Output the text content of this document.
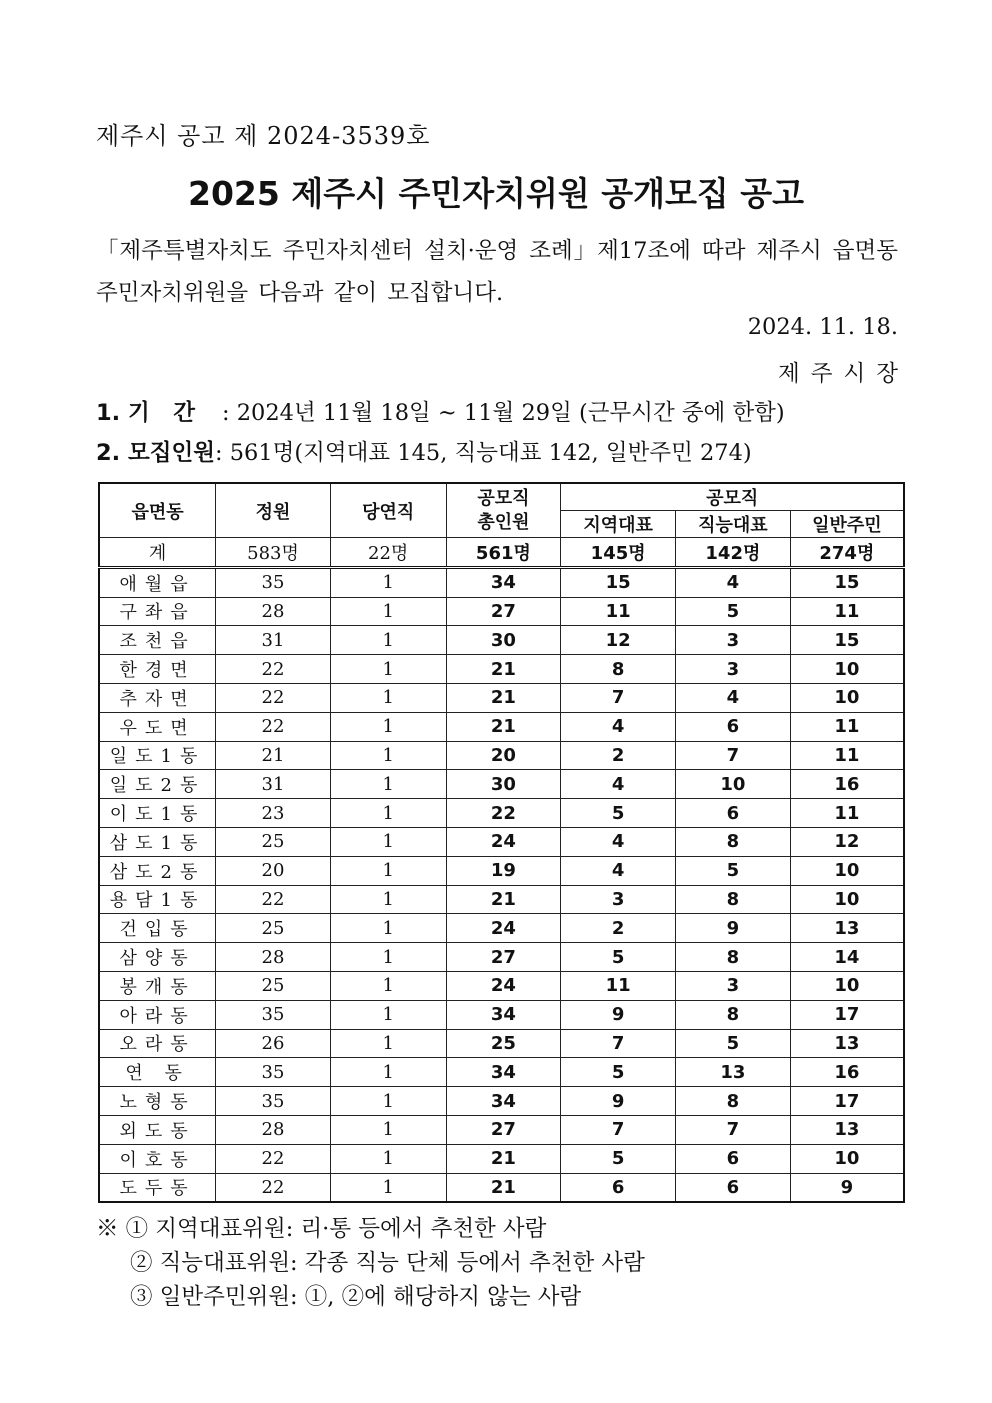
제주시 공고 제 2024-3539호
2025 제주시 주민자치위원 공개모집 공고
「제주특별자치도 주민자치센터 설치·운영 조례」제17조에 따라 제주시 읍면동 주민자치위원을 다음과 같이 모집합니다.
2024. 11. 18.
제주시장
1. 기   간 : 2024년 11월 18일 ~ 11월 29일 (근무시간 중에 한함)
2. 모집인원: 561명(지역대표 145, 직능대표 142, 일반주민 274)
읍면동	정원	당연직	공모직 총인원	공모직		
				지역대표	직능대표	일반주민
계	583명	22명	561명	145명	142명	274명
애월읍	35	1	34	15	4	15
구좌읍	28	1	27	11	5	11
조천읍	31	1	30	12	3	15
한경면	22	1	21	8	3	10
추자면	22	1	21	7	4	10
우도면	22	1	21	4	6	11
일도1동	21	1	20	2	7	11
일도2동	31	1	30	4	10	16
이도1동	23	1	22	5	6	11
삼도1동	25	1	24	4	8	12
삼도2동	20	1	19	4	5	10
용담1동	22	1	21	3	8	10
건입동	25	1	24	2	9	13
삼양동	28	1	27	5	8	14
봉개동	25	1	24	11	3	10
아라동	35	1	34	9	8	17
오라동	26	1	25	7	5	13
연 동	35	1	34	5	13	16
노형동	35	1	34	9	8	17
외도동	28	1	27	7	7	13
이호동	22	1	21	5	6	10
도두동	22	1	21	6	6	9
※ ① 지역대표위원: 리·통 등에서 추천한 사람
② 직능대표위원: 각종 직능 단체 등에서 추천한 사람
③ 일반주민위원: ①, ②에 해당하지 않는 사람
